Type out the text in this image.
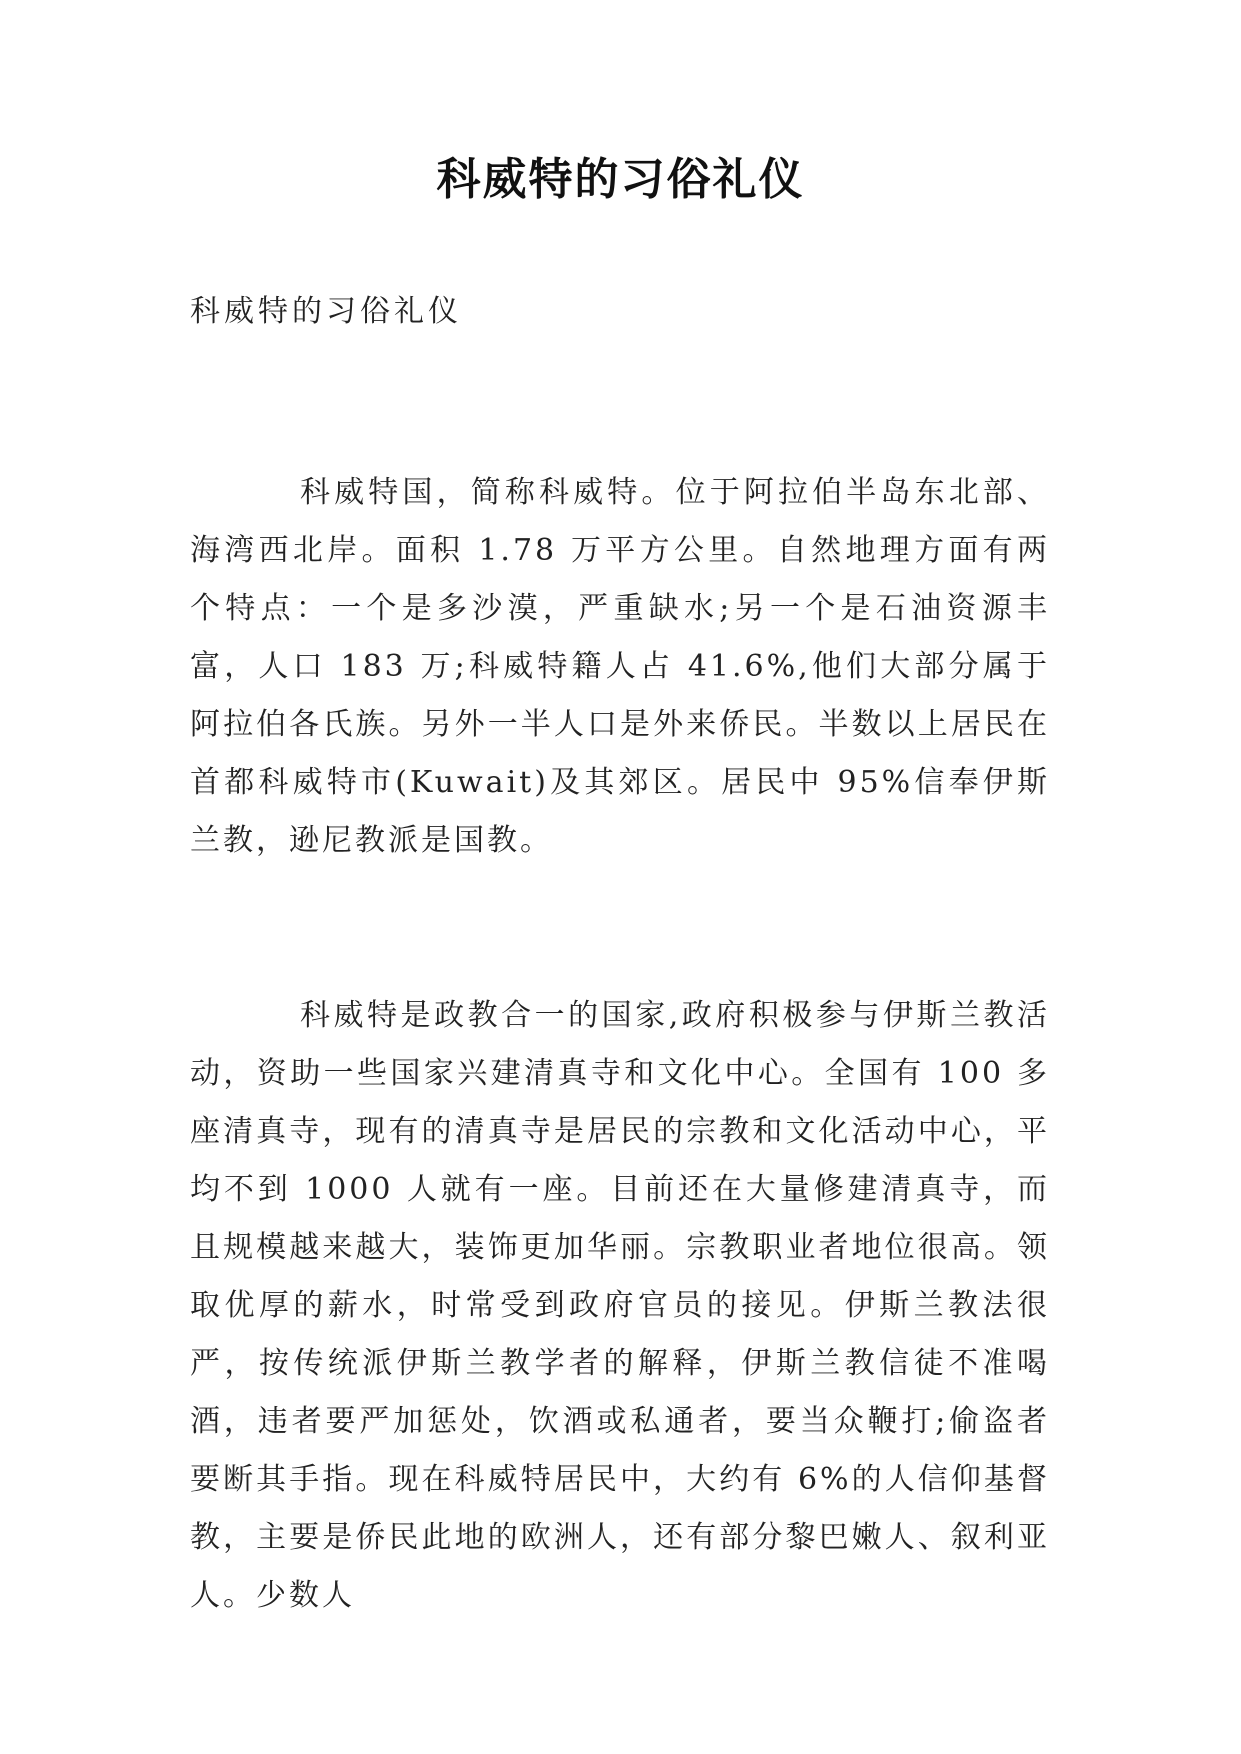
科威特的习俗礼仪

科威特的习俗礼仪

科威特国，简称科威特。位于阿拉伯半岛东北部、海湾西北岸。面积 1.78 万平方公里。自然地理方面有两个特点：一个是多沙漠，严重缺水;另一个是石油资源丰富，人口 183 万;科威特籍人占 41.6%,他们大部分属于阿拉伯各氏族。另外一半人口是外来侨民。半数以上居民在首都科威特市(Kuwait)及其郊区。居民中 95%信奉伊斯兰教，逊尼教派是国教。

科威特是政教合一的国家,政府积极参与伊斯兰教活动，资助一些国家兴建清真寺和文化中心。全国有 100 多座清真寺，现有的清真寺是居民的宗教和文化活动中心，平均不到 1000 人就有一座。目前还在大量修建清真寺，而且规模越来越大，装饰更加华丽。宗教职业者地位很高。领取优厚的薪水，时常受到政府官员的接见。伊斯兰教法很严，按传统派伊斯兰教学者的解释，伊斯兰教信徒不准喝酒，违者要严加惩处，饮酒或私通者，要当众鞭打;偷盗者要断其手指。现在科威特居民中，大约有 6%的人信仰基督教，主要是侨民此地的欧洲人，还有部分黎巴嫩人、叙利亚人。少数人
